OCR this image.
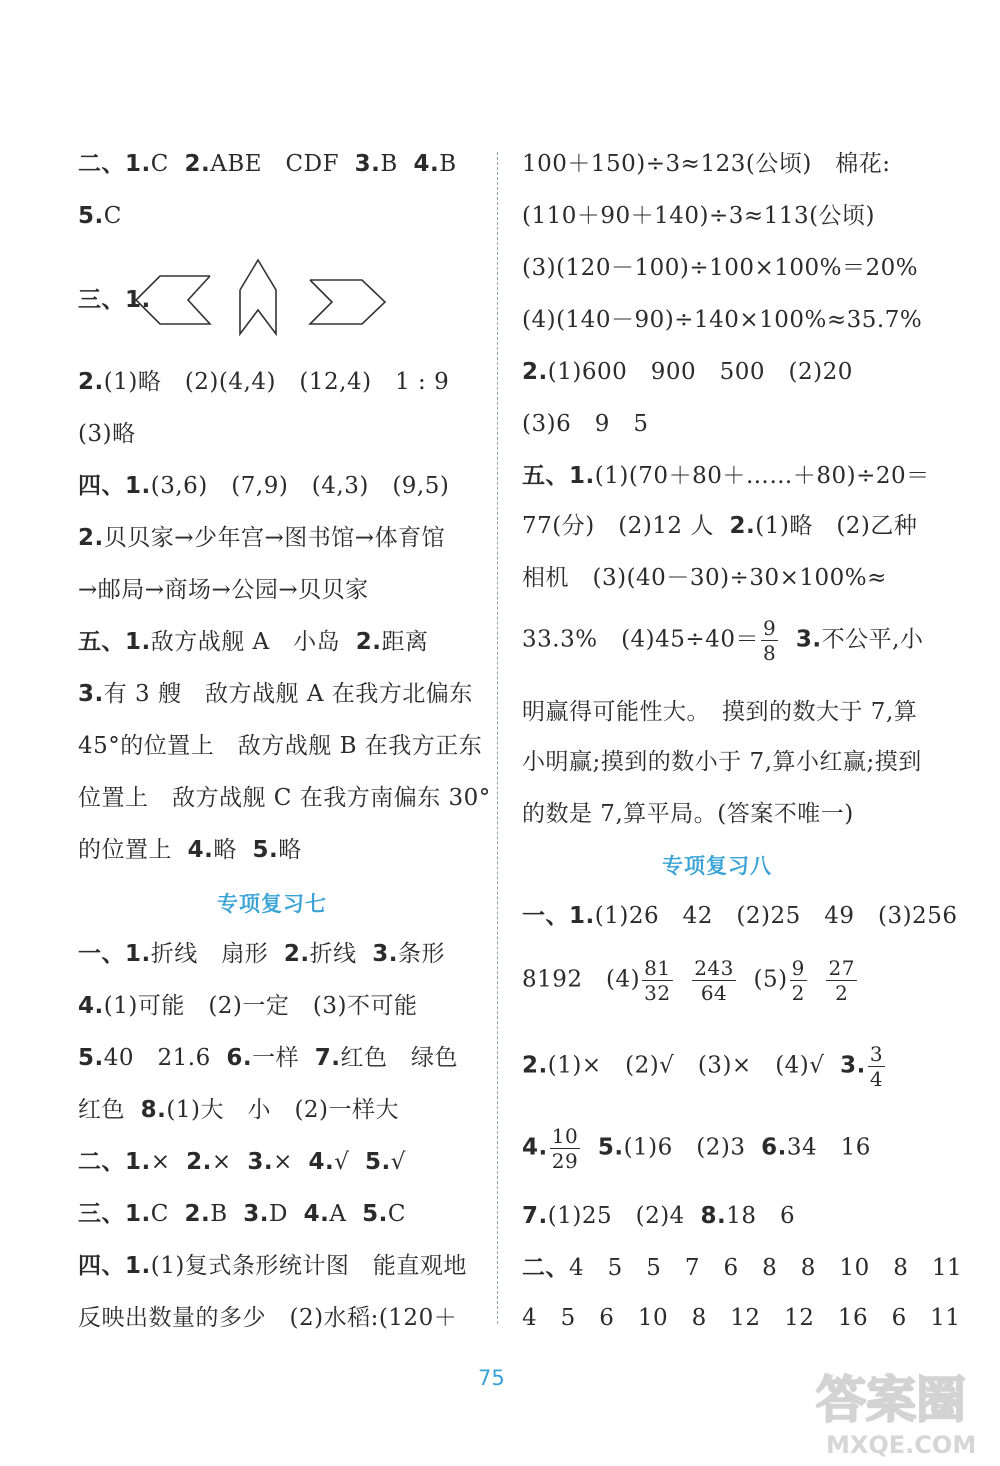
二、1.C 2.ABE　CDF 3.B 4.B
5.C
三、1.
2.(1)略　(2)(4,4)　(12,4)　1 : 9
(3)略
四、1.(3,6)　(7,9)　(4,3)　(9,5)
2.贝贝家→少年宫→图书馆→体育馆
→邮局→商场→公园→贝贝家
五、1.敌方战舰 A　小岛 2.距离
3.有 3 艘　敌方战舰 A 在我方北偏东
45°的位置上　敌方战舰 B 在我方正东
位置上　敌方战舰 C 在我方南偏东 30°
的位置上 4.略 5.略
专项复习七
一、1.折线　扇形 2.折线 3.条形
4.(1)可能　(2)一定　(3)不可能
5.40　21.6 6.一样 7.红色　绿色
红色 8.(1)大　小　(2)一样大
二、1.× 2.× 3.× 4.√ 5.√
三、1.C 2.B 3.D 4.A 5.C
四、1.(1)复式条形统计图　能直观地
反映出数量的多少　(2)水稻:(120＋
100＋150)÷3≈123(公顷)　棉花:
(110＋90＋140)÷3≈113(公顷)
(3)(120－100)÷100×100%＝20%
(4)(140－90)÷140×100%≈35.7%
2.(1)600　900　500　(2)20
(3)6　9　5
五、1.(1)(70＋80＋……＋80)÷20＝
77(分)　(2)12 人 2.(1)略　(2)乙种
相机　(3)(40－30)÷30×100%≈
33.3%　$(4)45\div 40= \frac{9}{8} 3$.不公平,小
明赢得可能性大。　摸到的数大于 7,算
小明赢;摸到的数小于 7,算小红赢;摸到
的数是 7,算平局。(答案不唯一)
专项复习八
一、1.(1)26　42　(2)25　49　(3)256
8192　$(4) \frac{81}{32}$
$\frac{243}{64} (5) \frac{9}{2}$
$\frac{27}{2}$
2.(1)×　(2)√　(3)×　(4)√ 3. $\frac{3}{4}$
4. $\frac{10}{29} 5.(1)6$　(2)3 6.34　16
7.(1)25　(2)4 8.18　6
二、4　5　5　7　6　8　8　10　8　11
4　5　6　10　8　12　12　16　6　11
75	答案圈
MXQE.COM
